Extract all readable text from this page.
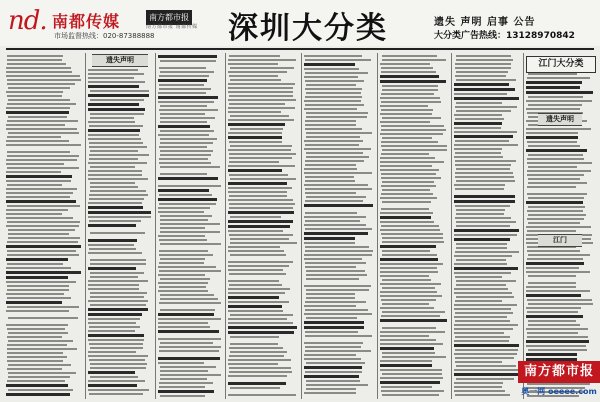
nd. 南都传媒	南方都市报
南方都市报 南都传媒
市场监督热线：020-87388888 深圳大分类	遗失 声明 启事 公告
大分类广告热线：13128970842
遗失声明	江门大分类
遗失声明
江门
南方都市报
奥一网 oeeee.com
